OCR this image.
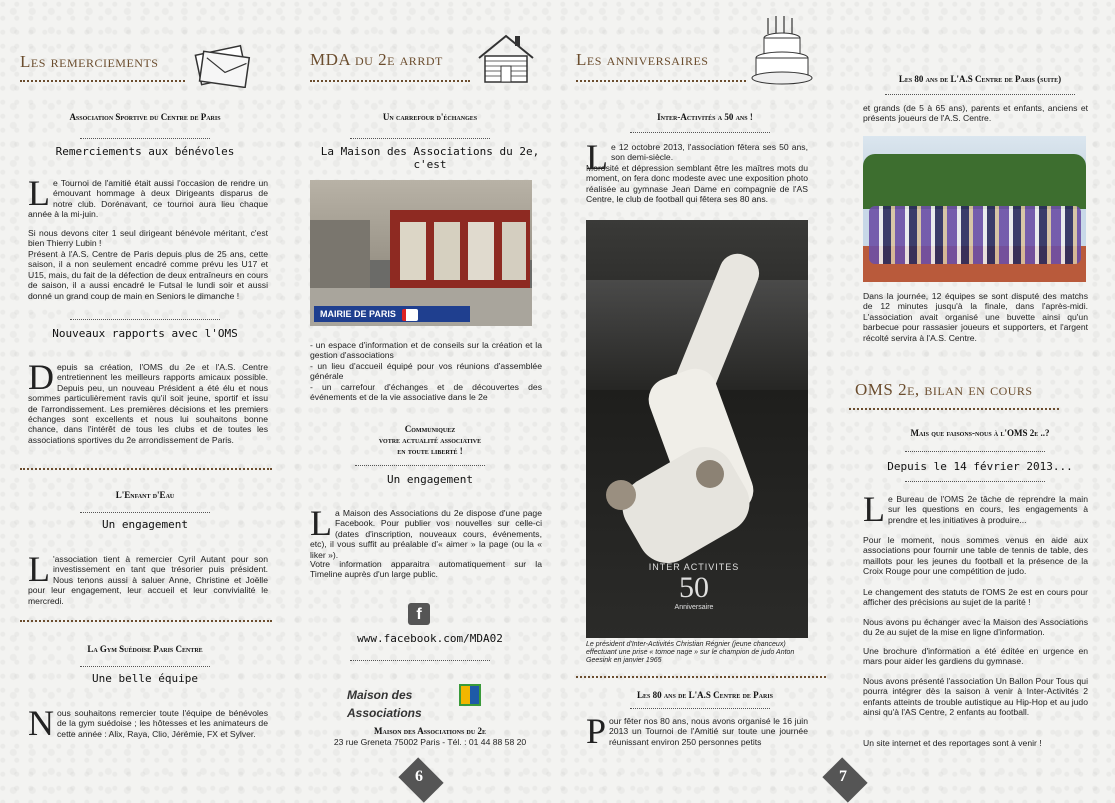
Les remerciements
Association Sportive du Centre de Paris
Remerciements aux bénévoles
L e Tournoi de l'amitié était aussi l'occasion de rendre un émouvant hommage à deux Dirigeants disparus de notre club. Dorénavant, ce tournoi aura lieu chaque année à la mi-juin.

Si nous devons citer 1 seul dirigeant bénévole méritant, c'est bien Thierry Lubin !

Présent à l'A.S. Centre de Paris depuis plus de 25 ans, cette saison, il a non seulement encadré comme prévu les U17 et U15, mais, du fait de la défection de deux entraîneurs en cours de saison, il a aussi encadré le Futsal le lundi soir et aussi donné un grand coup de main en Seniors le dimanche !

Nouveaux rapports avec l'OMS
D epuis sa création, l'OMS du 2e et l'A.S. Centre entretiennent les meilleurs rapports amicaux possible. Depuis peu, un nouveau Président a été élu et nous sommes particulièrement ravis qu'il soit jeune, sportif et issu de l'arrondissement. Les premières décisions et les premiers échanges sont excellents et nous lui souhaitons bonne chance, dans l'intérêt de tous les clubs et de toutes les associations sportives du 2e arrondissement de Paris.

L'Enfant d'Eau
Un engagement
L 'association tient à remercier Cyril Autant pour son investissement en tant que trésorier puis président. Nous tenons aussi à saluer Anne, Christine et Joëlle pour leur engagement, leur accueil et leur convivialité le mercredi.

La Gym Suédoise Paris Centre
Une belle équipe
N ous souhaitons remercier toute l'équipe de bénévoles de la gym suédoise ; les hôtesses et les animateurs de cette année : Alix, Raya, Clio, Jérémie, FX et Sylver.

MDA du 2e arrdt
Un carrefour d'échanges
La Maison des Associations du 2e, c'est
MAIRIE DE PARIS

- un espace d'information et de conseils sur la création et la gestion d'associations

- un lieu d'accueil équipé pour vos réunions d'assemblée générale

- un carrefour d'échanges et de découvertes des événements et de la vie associative dans le 2e

Communiquez
votre actualité associative
en toute liberté !
Un engagement
L a Maison des Associations du 2e dispose d'une page Facebook. Pour publier vos nouvelles sur celle-ci (dates d'inscription, nouveaux cours, événements, etc), il vous suffit au préalable d'« aimer » la page (ou la « liker »).

Votre information apparaitra automatiquement sur la Timeline auprès d'un large public.

f
www.facebook.com/MDA02
Maison des Associations
Maison des Associations du 2e

23 rue Greneta 75002 Paris - Tél. : 01 44 88 58 20

6
Les anniversaires
Inter-Activités a 50 ans !
L e 12 octobre 2013, l'association fêtera ses 50 ans, son demi-siècle.

Morosité et dépression semblant être les maîtres mots du moment, on fera donc modeste avec une exposition photo réalisée au gymnase Jean Dame en compagnie de l'AS Centre, le club de football qui fêtera ses 80 ans.

INTER ACTIVITES
50
Anniversaire

Le président d'Inter-Activités Christian Régnier (jeune chanceux) effectuant une prise « tomoe nage » sur le champion de judo Anton Geesink en janvier 1965

Les 80 ans de L'A.S Centre de Paris
P our fêter nos 80 ans, nous avons organisé le 16 juin 2013 un Tournoi de l'Amitié sur toute une journée réunissant environ 250 personnes petits

Les 80 ans de L'A.S Centre de Paris (suite)

et grands (de 5 à 65 ans), parents et enfants, anciens et présents joueurs de l'A.S. Centre.

Dans la journée, 12 équipes se sont disputé des matchs de 12 minutes jusqu'à la finale, dans l'après-midi. L'association avait organisé une buvette ainsi qu'un barbecue pour rassasier joueurs et supporters, et l'argent récolté servira à l'A.S. Centre.

OMS 2e, bilan en cours
Mais que faisons-nous à l'OMS 2e ..?
Depuis le 14 février 2013...
L e Bureau de l'OMS 2e tâche de reprendre la main sur les questions en cours, les engagements à prendre et les initiatives à produire...

Pour le moment, nous sommes venus en aide aux associations pour fournir une table de tennis de table, des maillots pour les jeunes du football et la présence de la Croix Rouge pour une compétition de judo.

Le changement des statuts de l'OMS 2e est en cours pour afficher des précisions au sujet de la parité !

Nous avons pu échanger avec la Maison des Associations du 2e au sujet de la mise en ligne d'information.

Une brochure d'information a été éditée en urgence en mars pour aider les gardiens du gymnase.

Nous avons présenté l'association Un Ballon Pour Tous qui pourra intégrer dès la saison à venir à Inter-Activités 2 enfants atteints de trouble autistique au Hip-Hop et au judo ainsi qu'à l'AS Centre, 2 enfants au football.

Un site internet et des reportages sont à venir !

7
